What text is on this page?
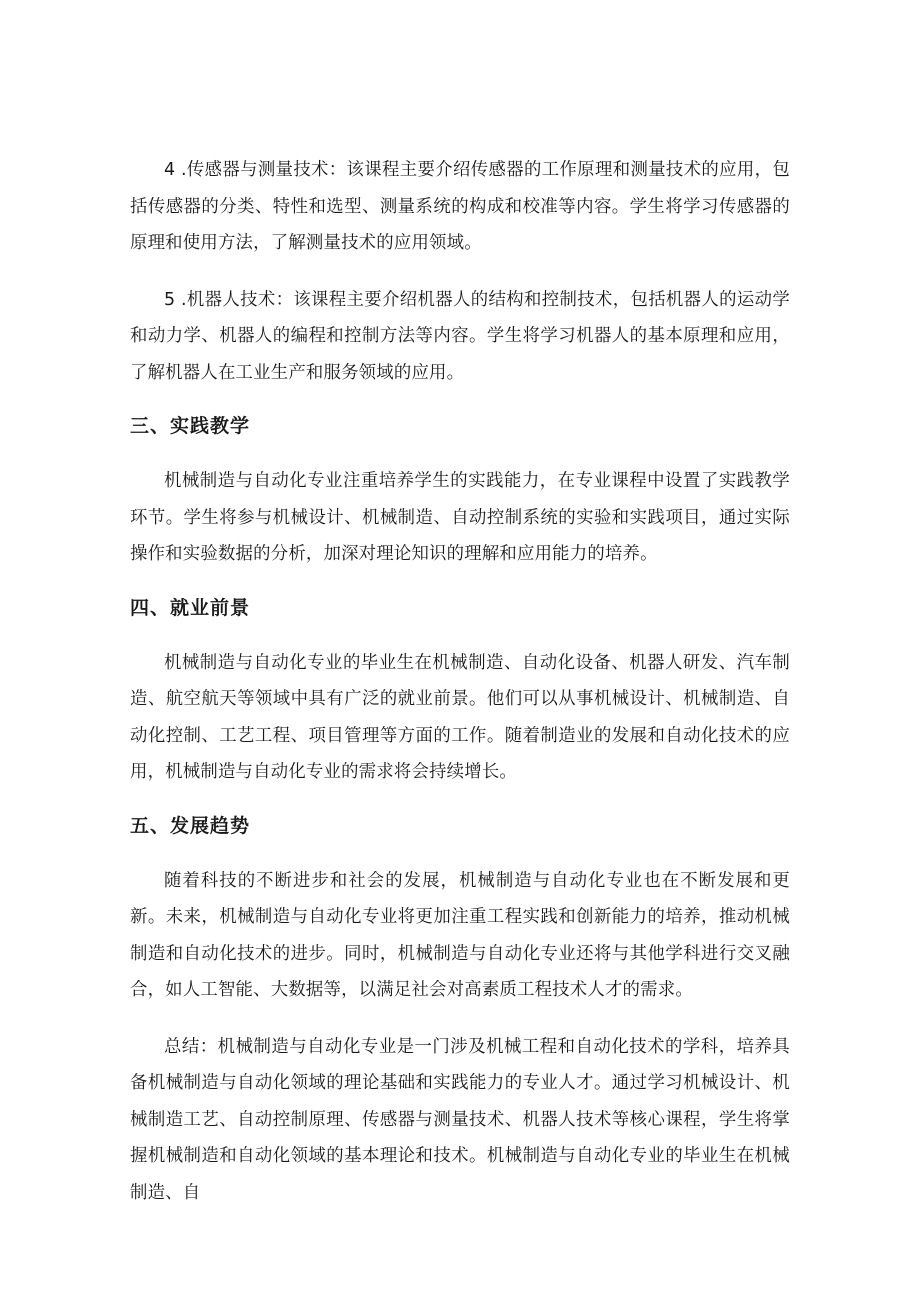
4 .传感器与测量技术：该课程主要介绍传感器的工作原理和测量技术的应用，包括传感器的分类、特性和选型、测量系统的构成和校准等内容。学生将学习传感器的原理和使用方法，了解测量技术的应用领域。

5 .机器人技术：该课程主要介绍机器人的结构和控制技术，包括机器人的运动学和动力学、机器人的编程和控制方法等内容。学生将学习机器人的基本原理和应用，了解机器人在工业生产和服务领域的应用。

三、实践教学

机械制造与自动化专业注重培养学生的实践能力，在专业课程中设置了实践教学环节。学生将参与机械设计、机械制造、自动控制系统的实验和实践项目，通过实际操作和实验数据的分析，加深对理论知识的理解和应用能力的培养。

四、就业前景

机械制造与自动化专业的毕业生在机械制造、自动化设备、机器人研发、汽车制造、航空航天等领域中具有广泛的就业前景。他们可以从事机械设计、机械制造、自动化控制、工艺工程、项目管理等方面的工作。随着制造业的发展和自动化技术的应用，机械制造与自动化专业的需求将会持续增长。

五、发展趋势

随着科技的不断进步和社会的发展，机械制造与自动化专业也在不断发展和更新。未来，机械制造与自动化专业将更加注重工程实践和创新能力的培养，推动机械制造和自动化技术的进步。同时，机械制造与自动化专业还将与其他学科进行交叉融合，如人工智能、大数据等，以满足社会对高素质工程技术人才的需求。

总结：机械制造与自动化专业是一门涉及机械工程和自动化技术的学科，培养具备机械制造与自动化领域的理论基础和实践能力的专业人才。通过学习机械设计、机械制造工艺、自动控制原理、传感器与测量技术、机器人技术等核心课程，学生将掌握机械制造和自动化领域的基本理论和技术。机械制造与自动化专业的毕业生在机械制造、自
